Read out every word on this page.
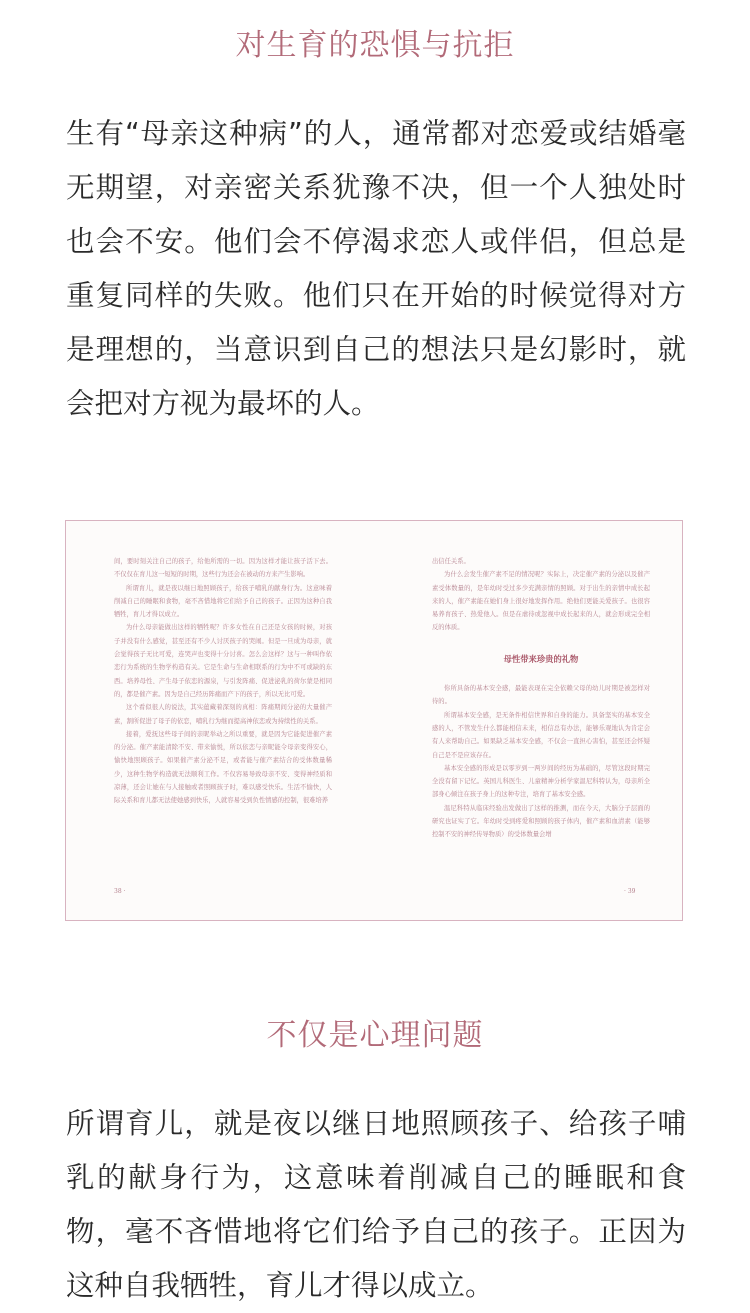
对生育的恐惧与抗拒

生有“母亲这种病”的人，通常都对恋爱或结婚毫无期望，对亲密关系犹豫不决，但一个人独处时也会不安。他们会不停渴求恋人或伴侣，但总是重复同样的失败。他们只在开始的时候觉得对方是理想的，当意识到自己的想法只是幻影时，就会把对方视为最坏的人。

间，要时刻关注自己的孩子，给他所需的一切。因为这样才能让孩子活下去。不仅仅在育儿这一短短的时期，这些行为还会在被动的方来产生影响。

所谓育儿，就是夜以继日地照顾孩子，给孩子哺乳的献身行为。这意味着削减自己的睡眠和食物，毫不吝惜地将它们给予自己的孩子。正因为这种自我牺牲，育儿才得以成立。

为什么母亲能做出这样的牺牲呢？许多女性在自己还是女孩的时候，对孩子并没有什么感觉，甚至还有不少人讨厌孩子的哭闹。但是一旦成为母亲，就会觉得孩子无比可爱，连哭声也变得十分讨喜。怎么会这样？这与一种叫作依恋行为系统的生物学构造有关。它是生命与生命相联系的行为中不可或缺的东西。培养母性、产生母子依恋的源泉，与引发阵痛、促进泌乳的荷尔蒙是相同的，都是催产素。因为是自己经历阵痛而产下的孩子，所以无比可爱。

这个看似很人的说法，其实蕴藏着深刻的真相：阵痛期间分泌的大量催产素，割所促进了母子的依恋，哺乳行为继而提高神依恋或为持续性的关系。

接着，爱抚这些母子间的亲昵举动之所以重要，就是因为它能促进催产素的分泌。催产素能清除不安、带来愉悦，所以依恋与亲昵能令母亲变得安心，愉快地照顾孩子。如果催产素分泌不足，或者能与催产素结合的受体数量稀少，这种生物学构造就无法顺利工作。不仅容易导致母亲不安、变得神经质和凉薄，还会让她在与人接触或者照顾孩子时，难以感受快乐。生活不愉快，人际关系和育儿都无法使她感到快乐，人就容易受到负性情感的控制，很难培养

出信任关系。

为什么会发生催产素不足的情况呢？实际上，决定催产素的分泌以及催产素受体数量的，是年幼时受过多少充满亲情的照顾。对于出生的亲情中成长起来的人，催产素能在她们身上很好地发挥作用。绝他们更能关爱孩子。也很容易养育孩子、热爱他人。但是在虐待或忽视中成长起来的人，就会形成完全相反的体质。

母性带来珍贵的礼物

你所具备的基本安全感，最能表现在完全依赖父母的幼儿时期是被怎样对待的。

所谓基本安全感，是无条件相信世界和自身的能力。具备坚实的基本安全感的人，不管发生什么都能相信未来，相信总有办法，能够乐观地认为肯定会有人来帮助自己。如果缺乏基本安全感，不仅会一直担心害怕，甚至还会怀疑自己是不是应该存在。

基本安全感的形成是以零岁到一两岁间的经历为基础的，尽管这段时期完全没有留下记忆。英国儿科医生、儿童精神分析学家温尼科特认为，母亲所全部身心倾注在孩子身上的这种专注，培育了基本安全感。

温尼科特从临床经验出发做出了这样的推测，而在今天，大脑分子层面的研究也证实了它。年幼时受到疼爱和照顾的孩子体内，催产素和血清素（能够控制不安的神经传导物质）的受体数量会增

38 ·	· 39
不仅是心理问题

所谓育儿，就是夜以继日地照顾孩子、给孩子哺乳的献身行为，这意味着削减自己的睡眠和食物，毫不吝惜地将它们给予自己的孩子。正因为这种自我牺牲，育儿才得以成立。
